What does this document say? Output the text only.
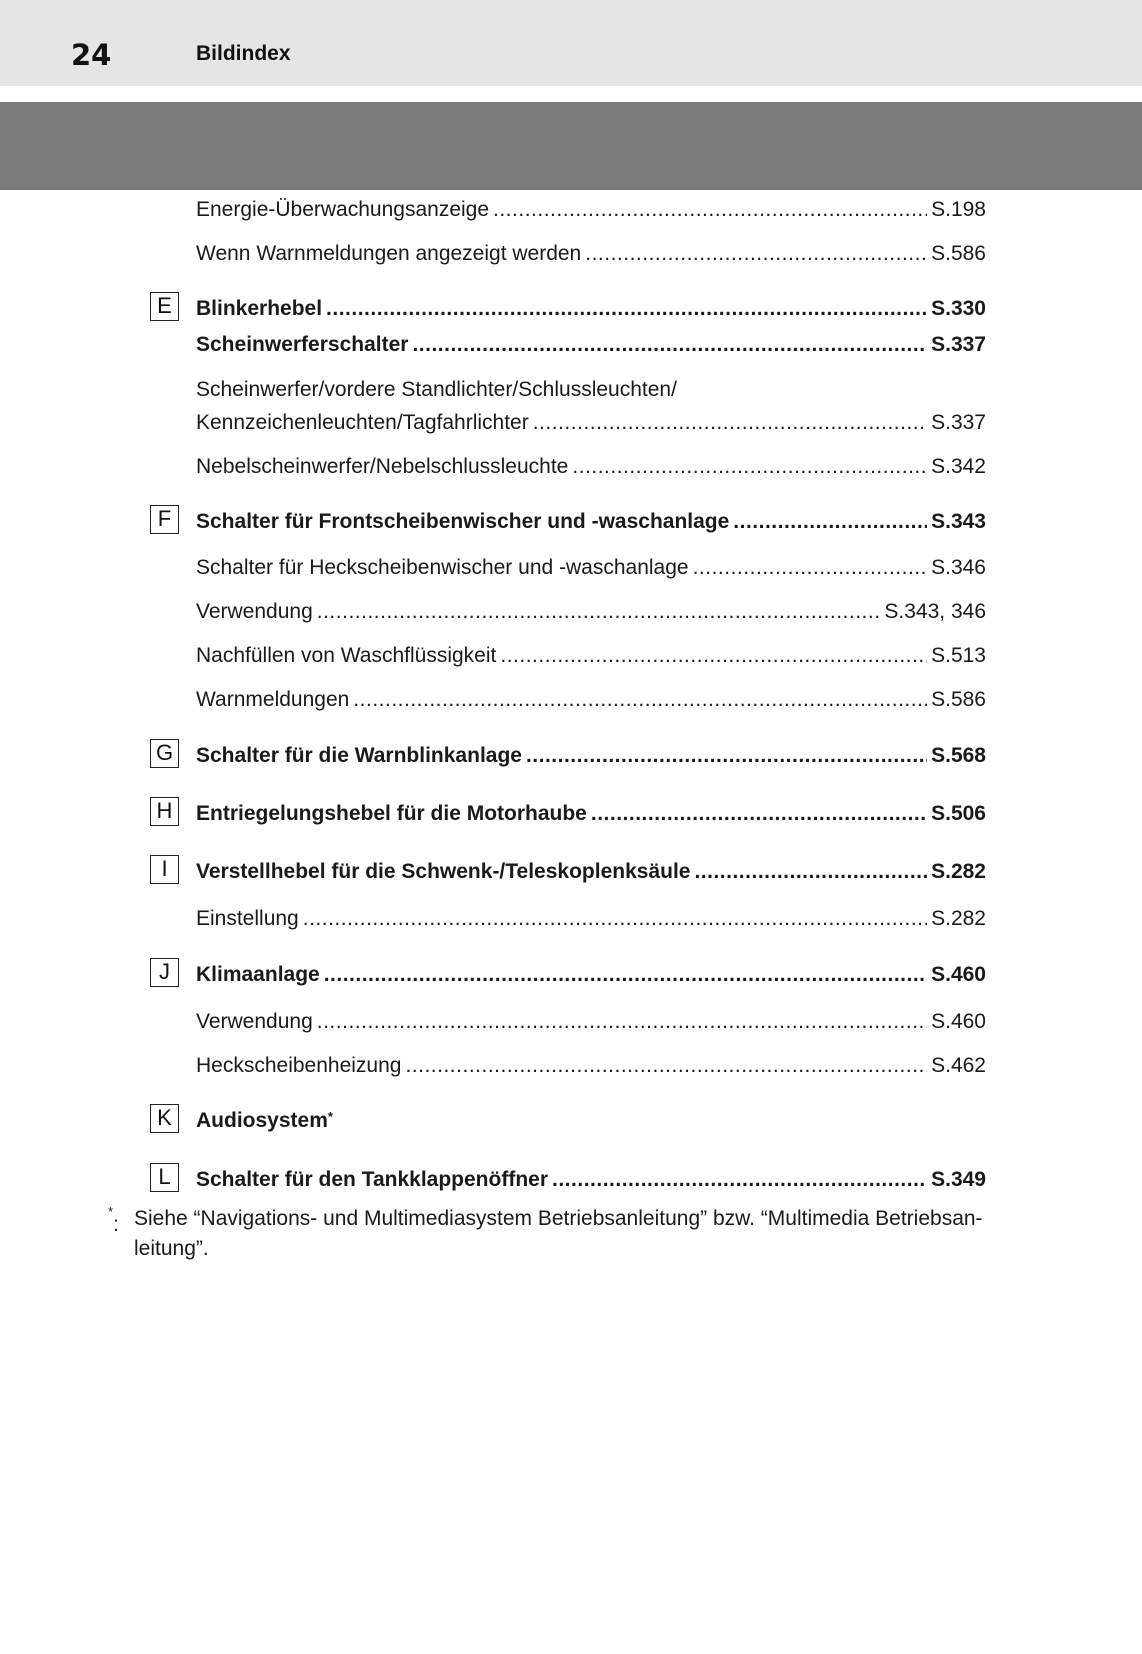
24	Bildindex
Energie-Überwachungsanzeige .....	S.198
Wenn Warnmeldungen angezeigt werden .....	S.586
E	Blinkerhebel .....	S.330
Scheinwerferschalter .....	S.337
Scheinwerfer/vordere Standlichter/Schlussleuchten/
Kennzeichenleuchten/Tagfahrlichter .....	S.337
Nebelscheinwerfer/Nebelschlussleuchte .....	S.342
F	Schalter für Frontscheibenwischer und -waschanlage .....	S.343
Schalter für Heckscheibenwischer und -waschanlage .....	S.346
Verwendung .....	S.343, 346
Nachfüllen von Waschflüssigkeit .....	S.513
Warnmeldungen .....	S.586
G Schalter für die Warnblinkanlage .....	S.568
H	Entriegelungshebel für die Motorhaube .....	S.506
I	Verstellhebel für die Schwenk-/Teleskoplenksäule .....	S.282
Einstellung .....	S.282
J	Klimaanlage .....	S.460
Verwendung .....	S.460
Heckscheibenheizung .....	S.462
K	Audiosystem*
L	Schalter für den Tankklappenöffner .....	S.349
*: Siehe “Navigations- und Multimediasystem Betriebsanleitung” bzw. “Multimedia Betriebsan-
leitung”.
